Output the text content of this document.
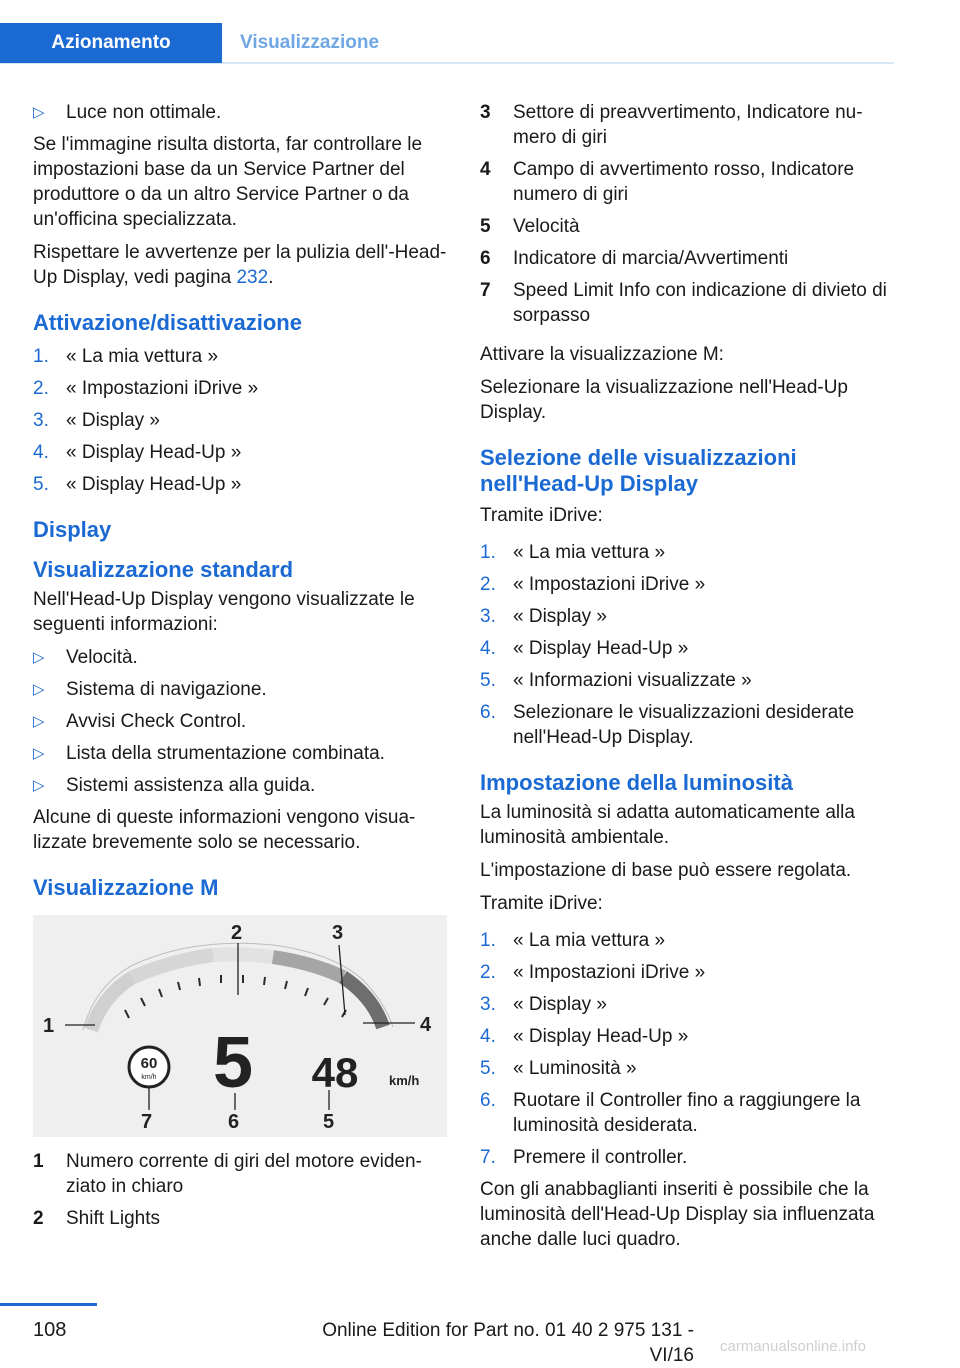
Azionamento	Visualizzazione
▷ Luce non ottimale.

Se l'immagine risulta distorta, far controllare le impostazioni base da un Service Partner del produttore o da un altro Service Partner o da un'officina specializzata.

Rispettare le avvertenze per la pulizia dell'-Head-Up Display, vedi pagina 232.

Attivazione/disattivazione
1. « La mia vettura »
2. « Impostazioni iDrive »
3. « Display »
4. « Display Head-Up »
5. « Display Head-Up »
Display
Visualizzazione standard

Nell'Head-Up Display vengono visualizzate le seguenti informazioni:

▷ Velocità.
▷ Sistema di navigazione.
▷ Avvisi Check Control.
▷ Lista della strumentazione combinata.
▷ Sistemi assistenza alla guida.

Alcune di queste informazioni vengono visua-lizzate brevemente solo se necessario.

Visualizzazione M
1
2	3
4
5
6
7
60
km/h 5 48 km/h
1 Numero corrente di giri del motore eviden-ziato in chiaro
2 Shift Lights
3 Settore di preavvertimento, Indicatore nu-mero di giri
4 Campo di avvertimento rosso, Indicatore numero di giri
5 Velocità
6 Indicatore di marcia/Avvertimenti
7 Speed Limit Info con indicazione di divieto di sorpasso

Attivare la visualizzazione M:

Selezionare la visualizzazione nell'Head-Up Display.

Selezione delle visualizzazioni nell'Head-Up Display

Tramite iDrive:

1. « La mia vettura »
2. « Impostazioni iDrive »
3. « Display »
4. « Display Head-Up »
5. « Informazioni visualizzate »
6. Selezionare le visualizzazioni desiderate nell'Head-Up Display.
Impostazione della luminosità

La luminosità si adatta automaticamente alla luminosità ambientale.

L'impostazione di base può essere regolata.

Tramite iDrive:

1. « La mia vettura »
2. « Impostazioni iDrive »
3. « Display »
4. « Display Head-Up »
5. « Luminosità »
6. Ruotare il Controller fino a raggiungere la luminosità desiderata.
7. Premere il controller.

Con gli anabbaglianti inseriti è possibile che la luminosità dell'Head-Up Display sia influenzata anche dalle luci quadro.

108	Online Edition for Part no. 01 40 2 975 131 - VI/16 carmanualsonline.info
